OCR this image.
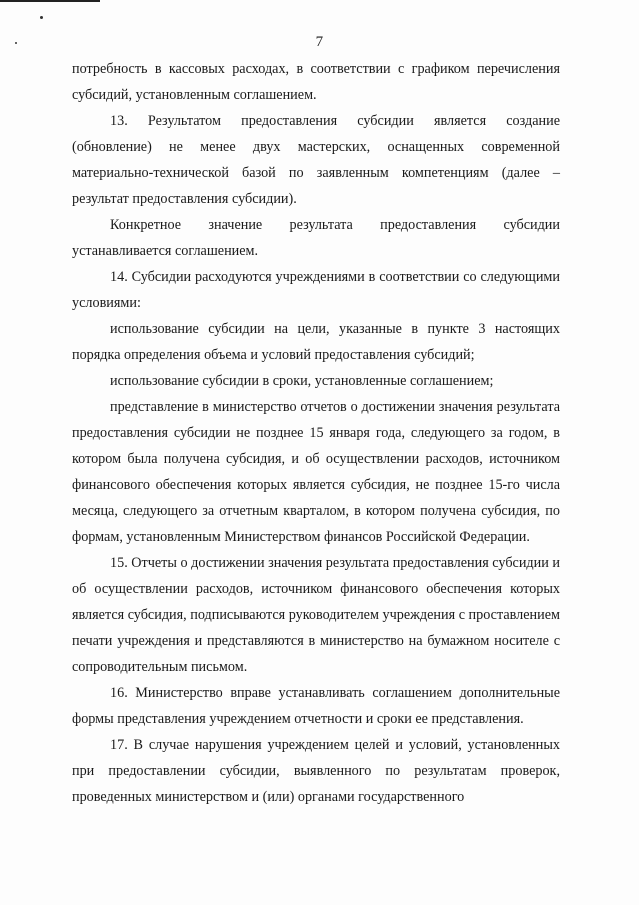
7

потребность в кассовых расходах, в соответствии с графиком перечисления субсидий, установленным соглашением.

13. Результатом предоставления субсидии является создание (обновление) не менее двух мастерских, оснащенных современной материально-технической базой по заявленным компетенциям (далее – результат предоставления субсидии).

Конкретное значение результата предоставления субсидии устанавливается соглашением.

14. Субсидии расходуются учреждениями в соответствии со следующими условиями:

использование субсидии на цели, указанные в пункте 3 настоящих порядка определения объема и условий предоставления субсидий;

использование субсидии в сроки, установленные соглашением;

представление в министерство отчетов о достижении значения результата предоставления субсидии не позднее 15 января года, следующего за годом, в котором была получена субсидия, и об осуществлении расходов, источником финансового обеспечения которых является субсидия, не позднее 15-го числа месяца, следующего за отчетным кварталом, в котором получена субсидия, по формам, установленным Министерством финансов Российской Федерации.

15. Отчеты о достижении значения результата предоставления субсидии и об осуществлении расходов, источником финансового обеспечения которых является субсидия, подписываются руководителем учреждения с проставлением печати учреждения и представляются в министерство на бумажном носителе с сопроводительным письмом.

16. Министерство вправе устанавливать соглашением дополнительные формы представления учреждением отчетности и сроки ее представления.

17. В случае нарушения учреждением целей и условий, установленных при предоставлении субсидии, выявленного по результатам проверок, проведенных министерством и (или) органами государственного
